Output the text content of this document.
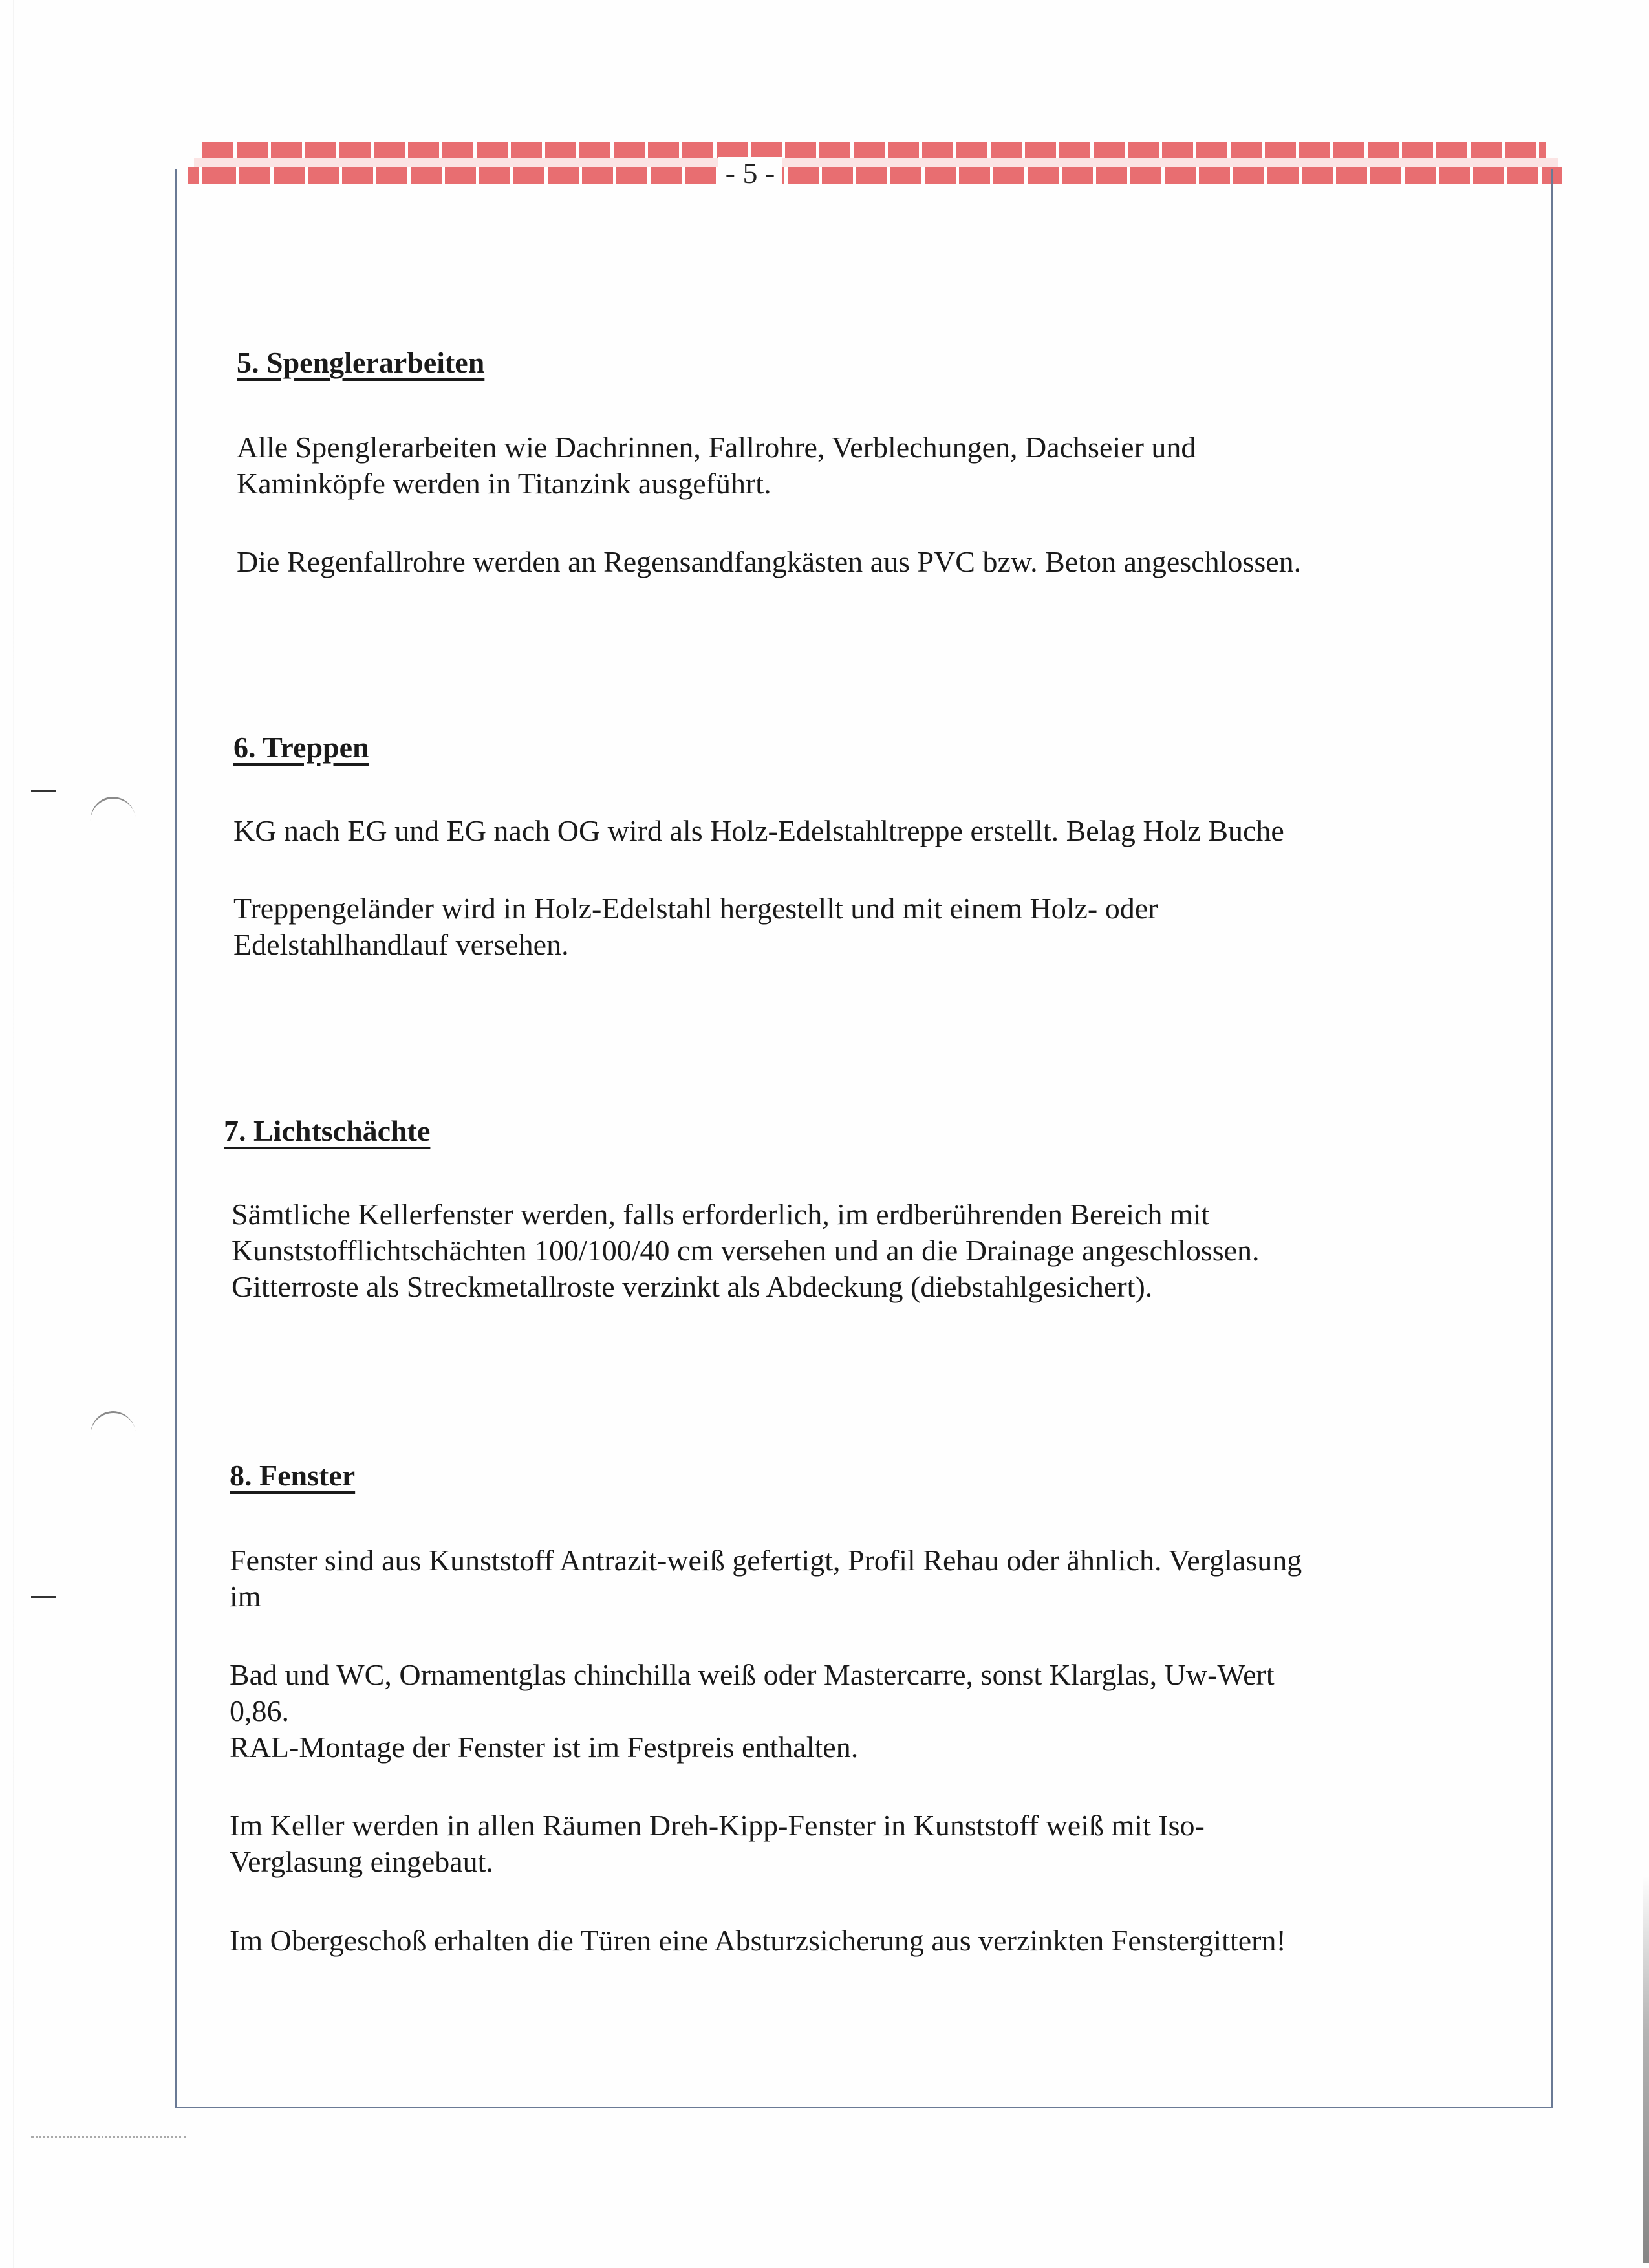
- 5 -
5. Spenglerarbeiten
Alle Spenglerarbeiten wie Dachrinnen, Fallrohre, Verblechungen, Dachseier und
Kaminköpfe werden in Titanzink ausgeführt.
Die Regenfallrohre werden an Regensandfangkästen aus PVC bzw. Beton angeschlossen.
6. Treppen
KG nach EG und EG nach OG wird als Holz-Edelstahltreppe erstellt. Belag Holz Buche
Treppengeländer wird in Holz-Edelstahl hergestellt und mit einem Holz- oder
Edelstahlhandlauf versehen.
7. Lichtschächte
Sämtliche Kellerfenster werden, falls erforderlich, im erdberührenden Bereich mit
Kunststofflichtschächten 100/100/40 cm versehen und an die Drainage angeschlossen.
Gitterroste als Streckmetallroste verzinkt als Abdeckung (diebstahlgesichert).
8. Fenster
Fenster sind aus Kunststoff Antrazit-weiß gefertigt, Profil Rehau oder ähnlich. Verglasung
im
Bad und WC, Ornamentglas chinchilla weiß oder Mastercarre, sonst Klarglas, Uw-Wert
0,86.
RAL-Montage der Fenster ist im Festpreis enthalten.
Im Keller werden in allen Räumen Dreh-Kipp-Fenster in Kunststoff weiß mit Iso-
Verglasung eingebaut.
Im Obergeschoß erhalten die Türen eine Absturzsicherung aus verzinkten Fenstergittern!
